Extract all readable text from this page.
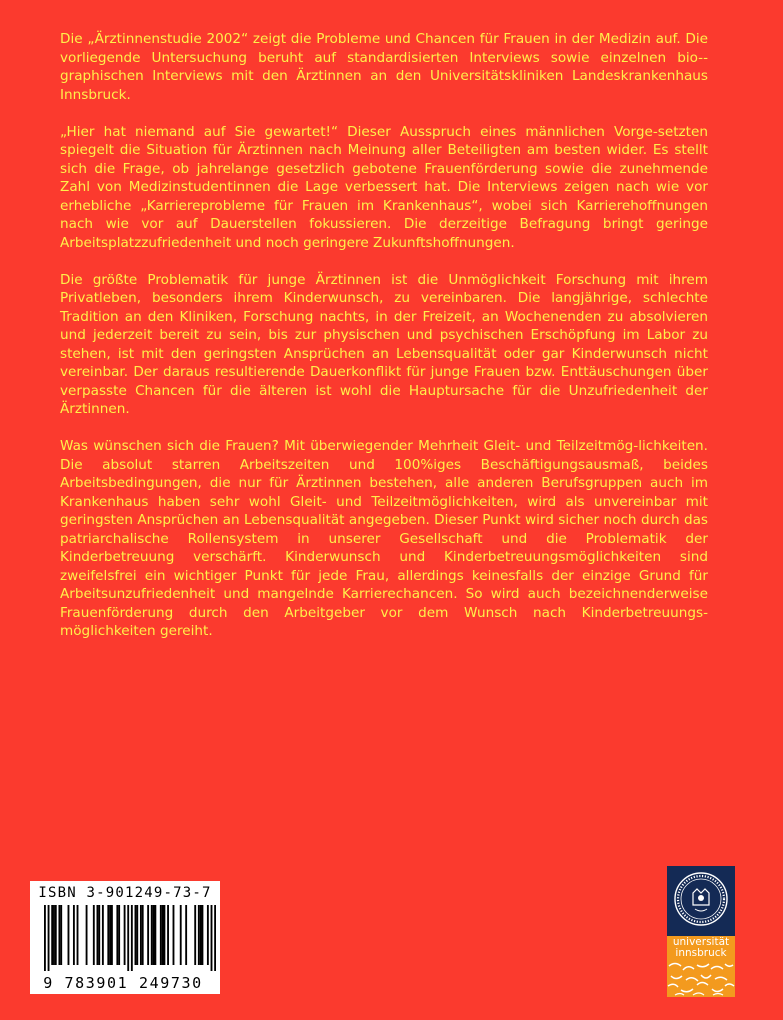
Die „Ärztinnenstudie 2002“ zeigt die Probleme und Chancen für Frauen in der Medizin auf. Die vorliegende Untersuchung beruht auf standardisierten Interviews sowie einzelnen bio--graphischen Interviews mit den Ärztinnen an den Universitätskliniken Landeskrankenhaus Innsbruck.

„Hier hat niemand auf Sie gewartet!“ Dieser Ausspruch eines männlichen Vorge-setzten spiegelt die Situation für Ärztinnen nach Meinung aller Beteiligten am besten wider. Es stellt sich die Frage, ob jahrelange gesetzlich gebotene Frauenförderung sowie die zunehmende Zahl von Medizinstudentinnen die Lage verbessert hat. Die Interviews zeigen nach wie vor erhebliche „Karriereprobleme für Frauen im Krankenhaus“, wobei sich Karrierehoffnungen nach wie vor auf Dauerstellen fokussieren. Die derzeitige Befragung bringt geringe Arbeitsplatzzufriedenheit und noch geringere Zukunftshoffnungen.

Die größte Problematik für junge Ärztinnen ist die Unmöglichkeit Forschung mit ihrem Privatleben, besonders ihrem Kinderwunsch, zu vereinbaren. Die langjährige, schlechte Tradition an den Kliniken, Forschung nachts, in der Freizeit, an Wochenenden zu absolvieren und jederzeit bereit zu sein, bis zur physischen und psychischen Erschöpfung im Labor zu stehen, ist mit den geringsten Ansprüchen an Lebensqualität oder gar Kinderwunsch nicht vereinbar. Der daraus resultierende Dauerkonflikt für junge Frauen bzw. Enttäuschungen über verpasste Chancen für die älteren ist wohl die Hauptursache für die Unzufriedenheit der Ärztinnen.

Was wünschen sich die Frauen? Mit überwiegender Mehrheit Gleit- und Teilzeitmög-lichkeiten. Die absolut starren Arbeitszeiten und 100%iges Beschäftigungsausmaß, beides Arbeitsbedingungen, die nur für Ärztinnen bestehen, alle anderen Berufsgruppen auch im Krankenhaus haben sehr wohl Gleit- und Teilzeitmöglichkeiten, wird als unvereinbar mit geringsten Ansprüchen an Lebensqualität angegeben. Dieser Punkt wird sicher noch durch das patriarchalische Rollensystem in unserer Gesellschaft und die Problematik der Kinderbetreuung verschärft. Kinderwunsch und Kinderbetreuungsmöglichkeiten sind zweifelsfrei ein wichtiger Punkt für jede Frau, allerdings keinesfalls der einzige Grund für Arbeitsunzufriedenheit und mangelnde Karrierechancen. So wird auch bezeichnenderweise Frauenförderung durch den Arbeitgeber vor dem Wunsch nach Kinderbetreuungs-möglichkeiten gereiht.

ISBN 3-901249-73-7
9 783901 249730
universität
innsbruck
